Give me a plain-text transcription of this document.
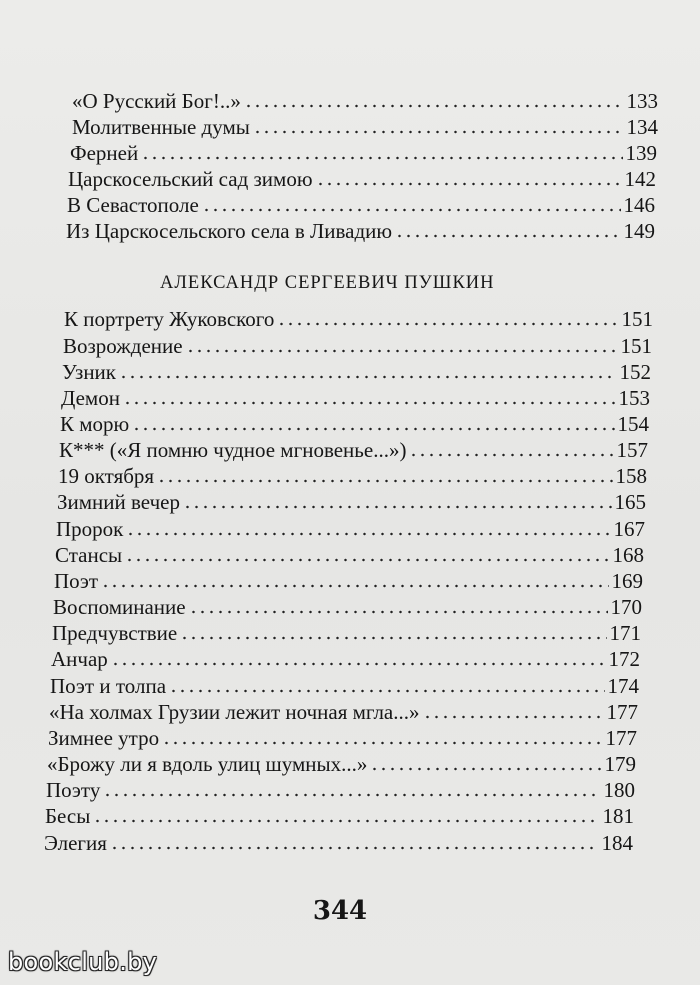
«О Русский Бог!..»	133
Молитвенные думы	134
Ферней	139
Царскосельский сад зимою	142
В Севастополе	146
Из Царскосельского села в Ливадию	149
АЛЕКСАНДР СЕРГЕЕВИЧ ПУШКИН
К портрету Жуковского	151
Возрождение	151
Узник	152
Демон	153
К морю	154
К*** («Я помню чудное мгновенье...»)	157
19 октября	158
Зимний вечер	165
Пророк	167
Стансы	168
Поэт	169
Воспоминание	170
Предчувствие	171
Анчар	172
Поэт и толпа	174
«На холмах Грузии лежит ночная мгла...»	177
Зимнее утро	177
«Брожу ли я вдоль улиц шумных...»	179
Поэту	180
Бесы	181
Элегия	184
344
bookclub.by
